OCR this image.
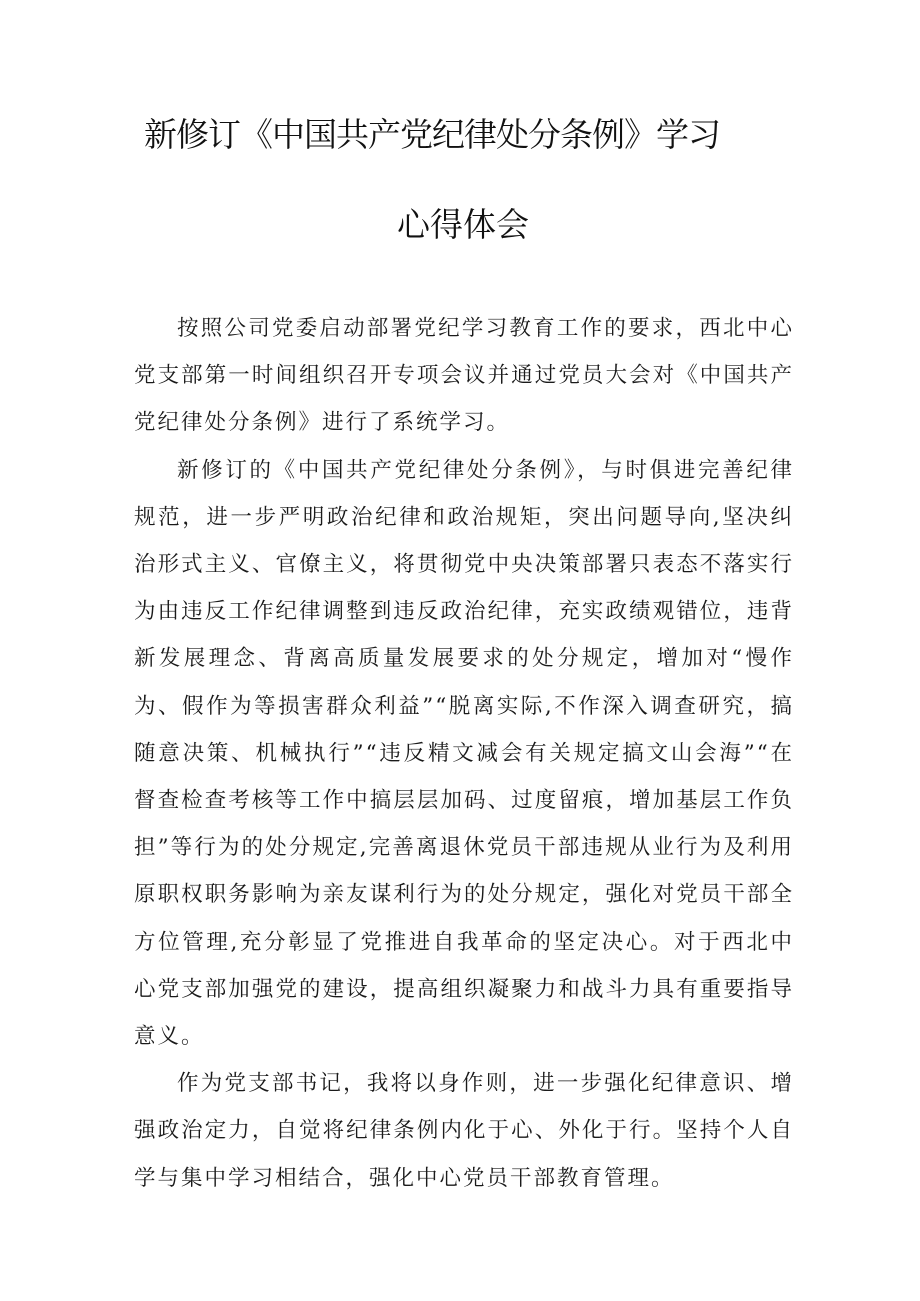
新修订《中国共产党纪律处分条例》学习
心得体会

按照公司党委启动部署党纪学习教育工作的要求，西北中心党支部第一时间组织召开专项会议并通过党员大会对《中国共产党纪律处分条例》进行了系统学习。

新修订的《中国共产党纪律处分条例》，与时俱进完善纪律规范，进一步严明政治纪律和政治规矩，突出问题导向,坚决纠治形式主义、官僚主义，将贯彻党中央决策部署只表态不落实行为由违反工作纪律调整到违反政治纪律，充实政绩观错位，违背新发展理念、背离高质量发展要求的处分规定，增加对“慢作为、假作为等损害群众利益”“脱离实际,不作深入调查研究，搞随意决策、机械执行”“违反精文减会有关规定搞文山会海”“在督查检查考核等工作中搞层层加码、过度留痕，增加基层工作负担”等行为的处分规定,完善离退休党员干部违规从业行为及利用原职权职务影响为亲友谋利行为的处分规定，强化对党员干部全方位管理,充分彰显了党推进自我革命的坚定决心。对于西北中心党支部加强党的建设，提高组织凝聚力和战斗力具有重要指导意义。

作为党支部书记，我将以身作则，进一步强化纪律意识、增强政治定力，自觉将纪律条例内化于心、外化于行。坚持个人自学与集中学习相结合，强化中心党员干部教育管理。
